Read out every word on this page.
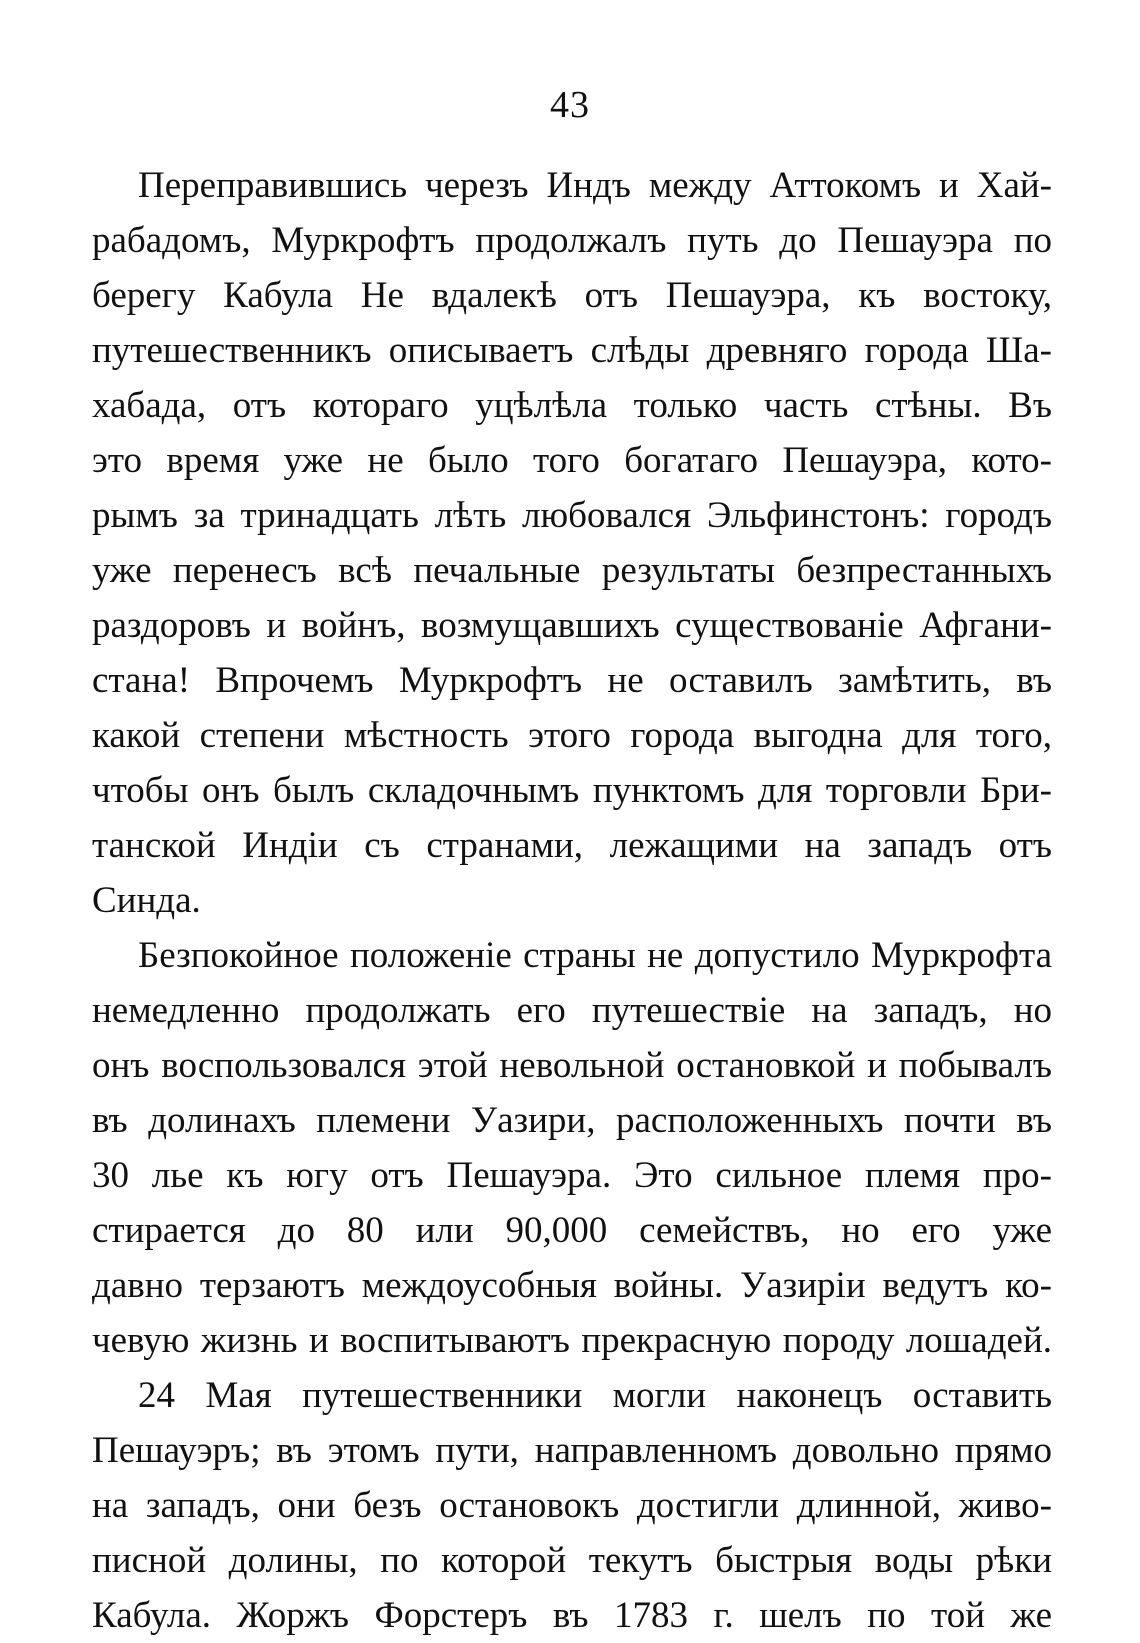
43
Переправившись черезъ Индъ между Аттокомъ и Хай-
рабадомъ, Муркрофтъ продолжалъ путь до Пешауэра по
берегу Кабула Не вдалекѣ отъ Пешауэра, къ востоку,
путешественникъ описываетъ слѣды древняго города Ша-
хабада, отъ котораго уцѣлѣла только часть стѣны. Въ
это время уже не было того богатаго Пешауэра, кото-
рымъ за тринадцать лѣть любовался Эльфинстонъ: городъ
уже перенесъ всѣ печальные результаты безпрестанныхъ
раздоровъ и войнъ, возмущавшихъ существованіе Афгани-
стана! Впрочемъ Муркрофтъ не оставилъ замѣтить, въ
какой степени мѣстность этого города выгодна для того,
чтобы онъ былъ складочнымъ пунктомъ для торговли Бри-
танской Индіи съ странами, лежащими на западъ отъ
Синда.
Безпокойное положеніе страны не допустило Муркрофта
немедленно продолжать его путешествіе на западъ, но
онъ воспользовался этой невольной остановкой и побывалъ
въ долинахъ племени Уазири, расположенныхъ почти въ
30 лье къ югу отъ Пешауэра. Это сильное племя про-
стирается до 80 или 90,000 семействъ, но его уже
давно терзаютъ междоусобныя войны. Уазиріи ведутъ ко-
чевую жизнь и воспитываютъ прекрасную породу лошадей.
24 Мая путешественники могли наконецъ оставить
Пешауэръ; въ этомъ пути, направленномъ довольно прямо
на западъ, они безъ остановокъ достигли длинной, живо-
писной долины, по которой текутъ быстрыя воды рѣки
Кабула. Жоржъ Форстеръ въ 1783 г. шелъ по той же
